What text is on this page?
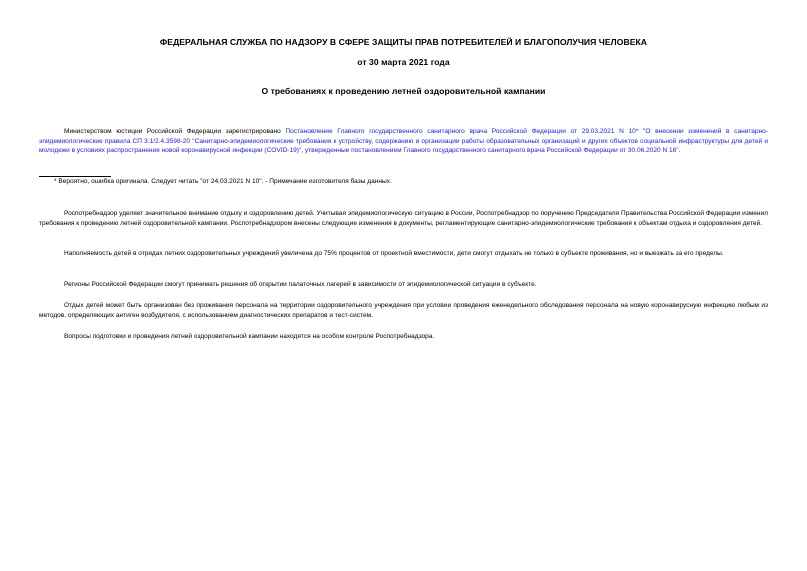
ФЕДЕРАЛЬНАЯ СЛУЖБА ПО НАДЗОРУ В СФЕРЕ ЗАЩИТЫ ПРАВ ПОТРЕБИТЕЛЕЙ И БЛАГОПОЛУЧИЯ ЧЕЛОВЕКА
от 30 марта 2021 года
О требованиях к проведению летней оздоровительной кампании
Министерством юстиции Российской Федерации зарегистрировано Постановление Главного государственного санитарного врача Российской Федерации от 29.03.2021 N 10* "О внесении изменений в санитарно-эпидемиологические правила СП 3.1/2.4.3598-20 "Санитарно-эпидемиологические требования к устройству, содержанию и организации работы образовательных организаций и других объектов социальной инфраструктуры для детей и молодежи в условиях распространения новой коронавирусной инфекции (COVID-19)", утвержденные постановлением Главного государственного санитарного врача Российской Федерации от 30.06.2020 N 16".
* Вероятно, ошибка оригинала. Следует читать "от 24.03.2021 N 10". - Примечание изготовителя базы данных.
Роспотребнадзор уделяет значительное внимание отдыху и оздоровлению детей. Учитывая эпидемиологическую ситуацию в России, Роспотребнадзор по поручению Председателя Правительства Российской Федерации изменил требования к проведению летней оздоровительной кампании. Роспотребнадзором внесены следующие изменения в документы, регламентирующие санитарно-эпидемиологические требования к объектам отдыха и оздоровления детей.
Наполняемость детей в отрядах летних оздоровительных учреждений увеличена до 75% процентов от проектной вместимости, дети смогут отдыхать не только в субъекте проживания, но и выезжать за его пределы.
Регионы Российской Федерации смогут принимать решения об открытии палаточных лагерей в зависимости от эпидемиологической ситуации в субъекте.
Отдых детей может быть организован без проживания персонала на территории оздоровительного учреждения при условии проведения еженедельного обследования персонала на новую коронавирусную инфекцию любым из методов, определяющих антиген возбудителя, с использованием диагностических препаратов и тест-систем.
Вопросы подготовки и проведения летней оздоровительной кампании находятся на особом контроле Роспотребнадзора.
